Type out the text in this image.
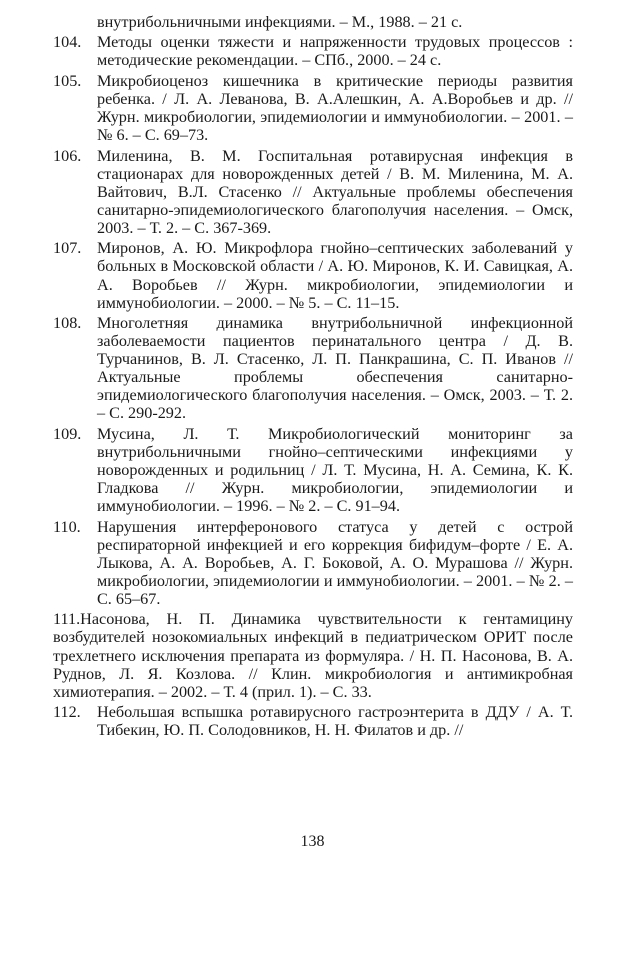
внутрибольничными инфекциями. – М., 1988. – 21 с.
104. Методы оценки тяжести и напряженности трудовых процессов : методические рекомендации. – СПб., 2000. – 24 с.
105. Микробиоценоз кишечника в критические периоды развития ребенка. / Л. А. Леванова, В. А.Алешкин, А. А.Воробьев и др. // Журн. микробиологии, эпидемиологии и иммунобиологии. – 2001. – № 6. – С. 69–73.
106. Миленина, В. М. Госпитальная ротавирусная инфекция в стационарах для новорожденных детей / В. М. Миленина, М. А. Вайтович, В.Л. Стасенко // Актуальные проблемы обеспечения санитарно-эпидемиологического благополучия населения. – Омск, 2003. – Т. 2. – С. 367-369.
107. Миронов, А. Ю. Микрофлора гнойно–септических заболеваний у больных в Московской области / А. Ю. Миронов, К. И. Савицкая, А. А. Воробьев // Журн. микробиологии, эпидемиологии и иммунобиологии. – 2000. – № 5. – С. 11–15.
108. Многолетняя динамика внутрибольничной инфекционной заболеваемости пациентов перинатального центра / Д. В. Турчанинов, В. Л. Стасенко, Л. П. Панкрашина, С. П. Иванов // Актуальные проблемы обеспечения санитарно-эпидемиологического благополучия населения. – Омск, 2003. – Т. 2. – С. 290-292.
109. Мусина, Л. Т. Микробиологический мониторинг за внутрибольничными гнойно–септическими инфекциями у новорожденных и родильниц / Л. Т. Мусина, Н. А. Семина, К. К. Гладкова // Журн. микробиологии, эпидемиологии и иммунобиологии. – 1996. – № 2. – С. 91–94.
110. Нарушения интерферонового статуса у детей с острой респираторной инфекцией и его коррекция бифидум–форте / Е. А. Лыкова, А. А. Воробьев, А. Г. Боковой, А. О. Мурашова // Журн. микробиологии, эпидемиологии и иммунобиологии. – 2001. – № 2. – С. 65–67.
111.Насонова, Н. П. Динамика чувствительности к гентамицину возбудителей нозокомиальных инфекций в педиатрическом ОРИТ после трехлетнего исключения препарата из формуляра. / Н. П. Насонова, В. А. Руднов, Л. Я. Козлова. // Клин. микробиология и антимикробная химиотерапия. – 2002. – Т. 4 (прил. 1). – С. 33.
112. Небольшая вспышка ротавирусного гастроэнтерита в ДДУ / А. Т. Тибекин, Ю. П. Солодовников, Н. Н. Филатов и др. //
138
